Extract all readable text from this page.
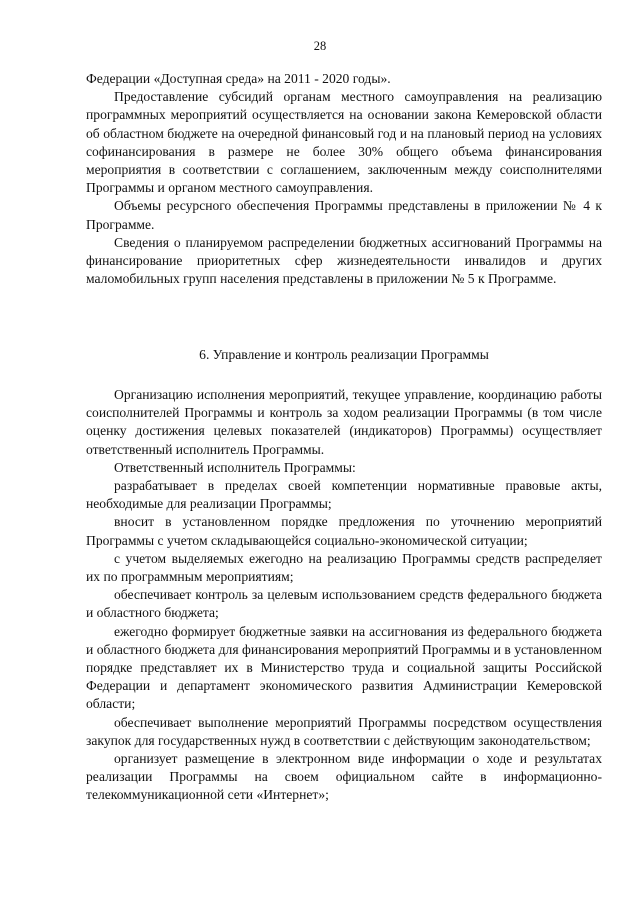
28

Федерации «Доступная среда» на 2011 - 2020 годы».

Предоставление субсидий органам местного самоуправления на реализацию программных мероприятий осуществляется на основании закона Кемеровской области об областном бюджете на очередной финансовый год и на плановый период на условиях софинансирования в размере не более 30% общего объема финансирования мероприятия в соответствии с соглашением, заключенным между соисполнителями Программы и органом местного самоуправления.

Объемы ресурсного обеспечения Программы представлены в приложении № 4 к Программе.

Сведения о планируемом распределении бюджетных ассигнований Программы на финансирование приоритетных сфер жизнедеятельности инвалидов и других маломобильных групп населения представлены в приложении № 5 к Программе.

6. Управление и контроль реализации Программы

Организацию исполнения мероприятий, текущее управление, координацию работы соисполнителей Программы и контроль за ходом реализации Программы (в том числе оценку достижения целевых показателей (индикаторов) Программы) осуществляет ответственный исполнитель Программы.

Ответственный исполнитель Программы:

разрабатывает в пределах своей компетенции нормативные правовые акты, необходимые для реализации Программы;

вносит в установленном порядке предложения по уточнению мероприятий Программы с учетом складывающейся социально-экономической ситуации;

с учетом выделяемых ежегодно на реализацию Программы средств распределяет их по программным мероприятиям;

обеспечивает контроль за целевым использованием средств федерального бюджета и областного бюджета;

ежегодно формирует бюджетные заявки на ассигнования из федерального бюджета и областного бюджета для финансирования мероприятий Программы и в установленном порядке представляет их в Министерство труда и социальной защиты Российской Федерации и департамент экономического развития Администрации Кемеровской области;

обеспечивает выполнение мероприятий Программы посредством осуществления закупок для государственных нужд в соответствии с действующим законодательством;

организует размещение в электронном виде информации о ходе и результатах реализации Программы на своем официальном сайте в информационно-телекоммуникационной сети «Интернет»;
